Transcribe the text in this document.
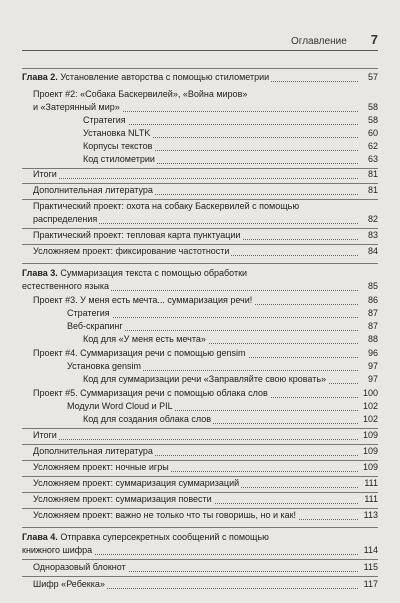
Оглавление 7
Глава 2. Установление авторства с помощью стилометрии	57
Проект #2: «Собака Баскервилей», «Война миров»
и «Затерянный мир»	58
Стратегия	58
Установка NLTK	60
Корпусы текстов	62
Код стилометрии	63
Итоги	81
Дополнительная литература	81
Практический проект: охота на собаку Баскервилей с помощью
распределения	82
Практический проект: тепловая карта пунктуации	83
Усложняем проект: фиксирование частотности	84
Глава 3. Суммаризация текста с помощью обработки
естественного языка	85
Проект #3. У меня есть мечта... суммаризация речи!	86
Стратегия	87
Веб-скрапинг	87
Код для «У меня есть мечта»	88
Проект #4. Суммаризация речи с помощью gensim	96
Установка gensim	97
Код для суммаризации речи «Заправляйте свою кровать»	97
Проект #5. Суммаризация речи с помощью облака слов	100
Модули Word Cloud и PIL	102
Код для создания облака слов	102
Итоги	109
Дополнительная литература	109
Усложняем проект: ночные игры	109
Усложняем проект: суммаризация суммаризаций	111
Усложняем проект: суммаризация повести	111
Усложняем проект: важно не только что ты говоришь, но и как!	113
Глава 4. Отправка суперсекретных сообщений с помощью
книжного шифра	114
Одноразовый блокнот	115
Шифр «Ребекка»	117
